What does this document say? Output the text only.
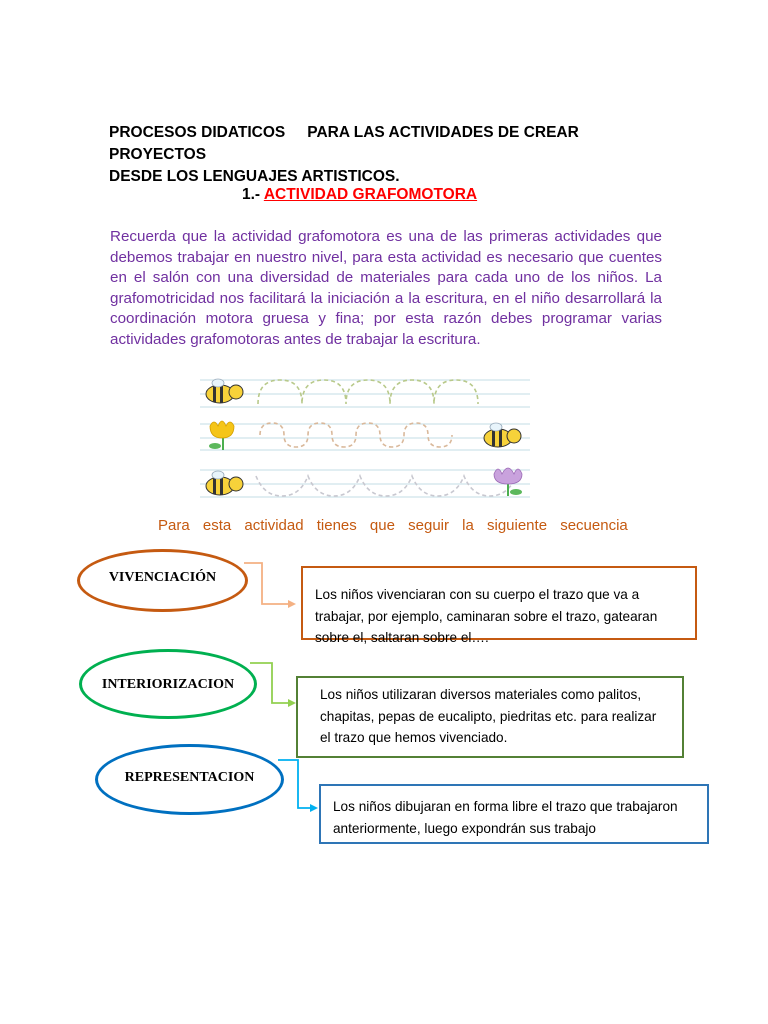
PROCESOS DIDATICOS PARA LAS ACTIVIDADES DE CREAR PROYECTOS
DESDE LOS LENGUAJES ARTISTICOS.
1.- ACTIVIDAD GRAFOMOTORA

Recuerda que la actividad grafomotora es una de las primeras actividades que debemos trabajar en nuestro nivel, para esta actividad es necesario que cuentes en el salón con una diversidad de materiales para cada uno de los niños. La grafomotricidad nos facilitará la iniciación a la escritura, en el niño desarrollará la coordinación motora gruesa y fina; por esta razón debes programar varias actividades grafomotoras antes de trabajar la escritura.

Para esta actividad tienes que seguir la siguiente secuencia
VIVENCIACIÓN
Los niños vivenciaran con su cuerpo el trazo que va a trabajar, por ejemplo, caminaran sobre el trazo, gatearan sobre el, saltaran sobre el….
INTERIORIZACION
Los niños utilizaran diversos materiales como palitos, chapitas, pepas de eucalipto, piedritas etc. para realizar el trazo que hemos vivenciado.
REPRESENTACION
Los niños dibujaran en forma libre el trazo que trabajaron anteriormente, luego expondrán sus trabajo
